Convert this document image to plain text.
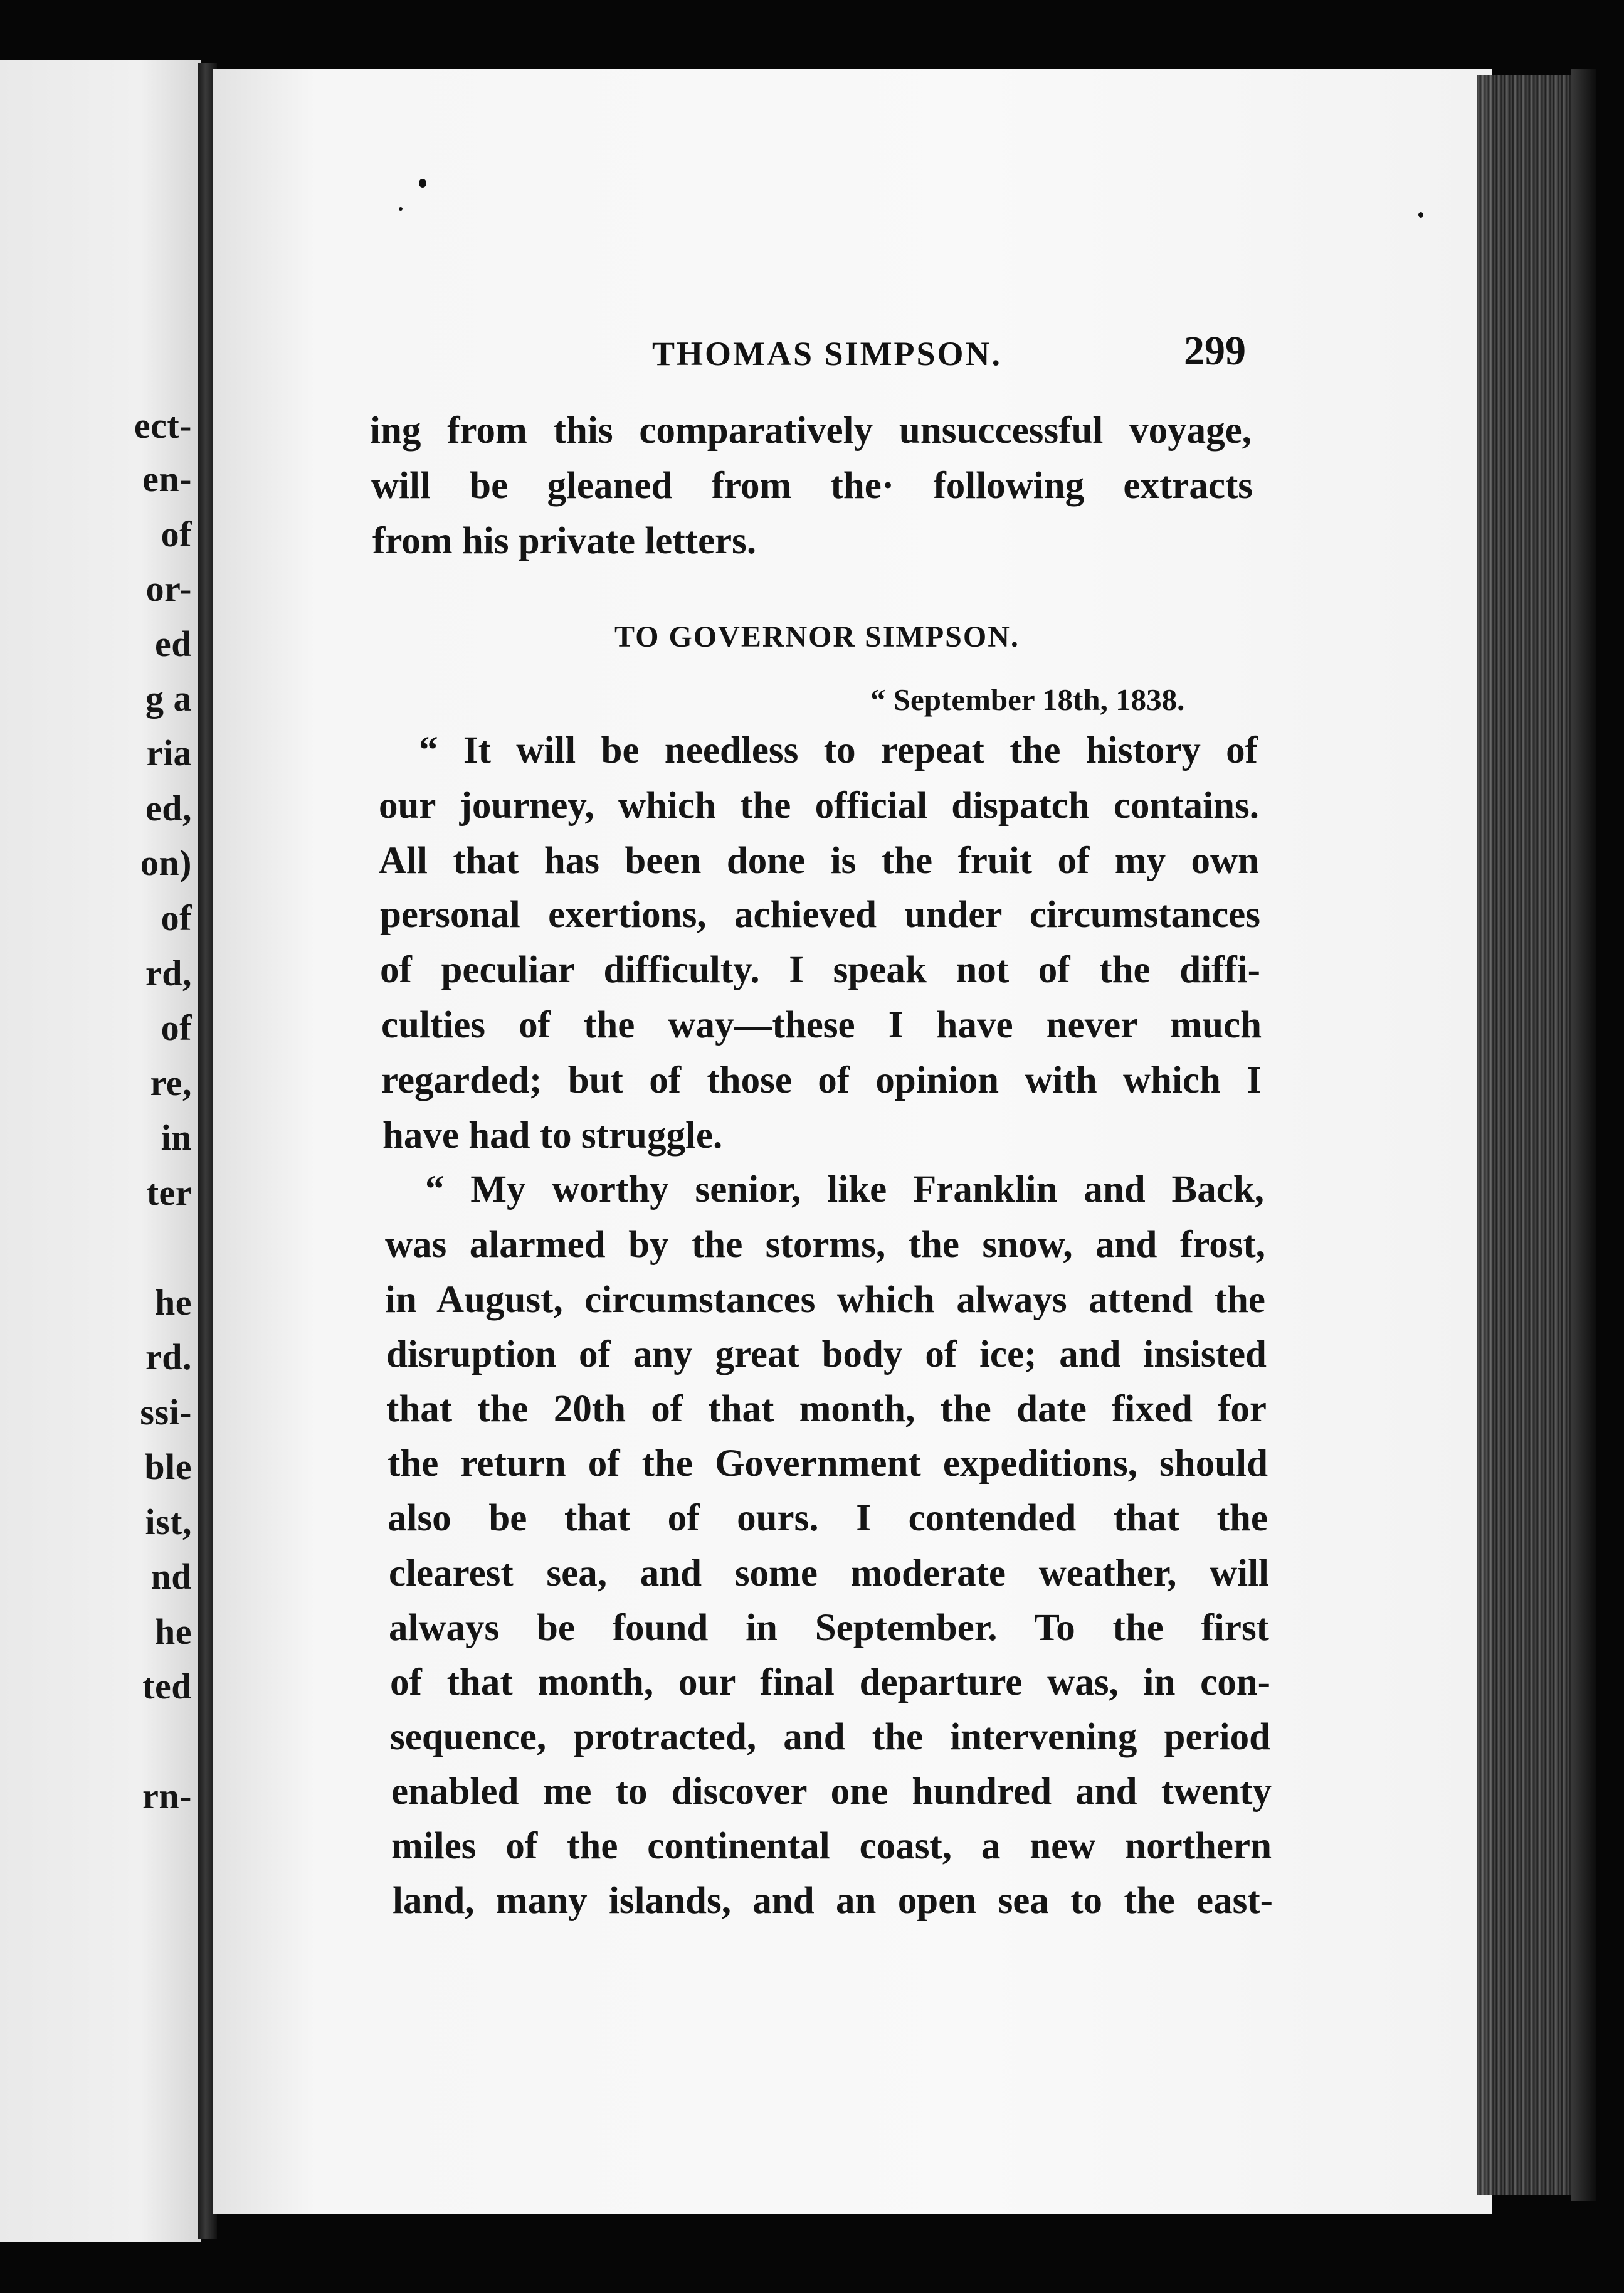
ect-

en-

of

or-

ed

g a

ria

ed,

on)

of

rd,

of

re,

in

ter

he

rd.

ssi-

ble

ist,

nd

he

ted

rn-

THOMAS SIMPSON.	299

ing from this comparatively unsuccessful voyage,

will be gleaned from the· following extracts

from his private letters.

TO GOVERNOR SIMPSON.

“ September 18th, 1838.

“ It will be needless to repeat the history of

our journey, which the official dispatch contains.

All that has been done is the fruit of my own

personal exertions, achieved under circumstances

of peculiar difficulty. I speak not of the diffi-

culties of the way—these I have never much

regarded; but of those of opinion with which I

have had to struggle.

“ My worthy senior, like Franklin and Back,

was alarmed by the storms, the snow, and frost,

in August, circumstances which always attend the

disruption of any great body of ice; and insisted

that the 20th of that month, the date fixed for

the return of the Government expeditions, should

also be that of ours. I contended that the

clearest sea, and some moderate weather, will

always be found in September. To the first

of that month, our final departure was, in con-

sequence, protracted, and the intervening period

enabled me to discover one hundred and twenty

miles of the continental coast, a new northern

land, many islands, and an open sea to the east-
